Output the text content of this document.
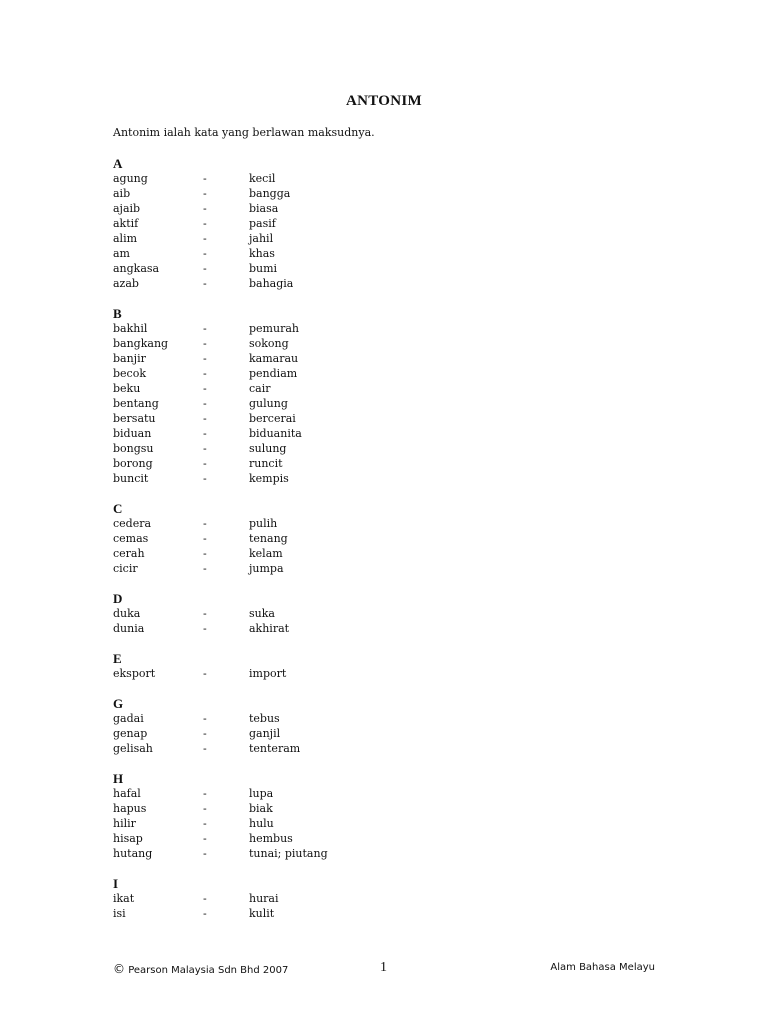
ANTONIM
Antonim ialah kata yang berlawan maksudnya.
A
agung	-	kecil
aib	-	bangga
ajaib	-	biasa
aktif	-	pasif
alim	-	jahil
am	-	khas
angkasa	-	bumi
azab	-	bahagia
B
bakhil	-	pemurah
bangkang	-	sokong
banjir	-	kamarau
becok	-	pendiam
beku	-	cair
bentang	-	gulung
bersatu	-	bercerai
biduan	-	biduanita
bongsu	-	sulung
borong	-	runcit
buncit	-	kempis
C
cedera	-	pulih
cemas	-	tenang
cerah	-	kelam
cicir	-	jumpa
D
duka	-	suka
dunia	-	akhirat
E
eksport	-	import
G
gadai	-	tebus
genap	-	ganjil
gelisah	-	tenteram
H
hafal	-	lupa
hapus	-	biak
hilir	-	hulu
hisap	-	hembus
hutang	-	tunai; piutang
I
ikat	-	hurai
isi	-	kulit
© Pearson Malaysia Sdn Bhd 2007	1	Alam Bahasa Melayu
